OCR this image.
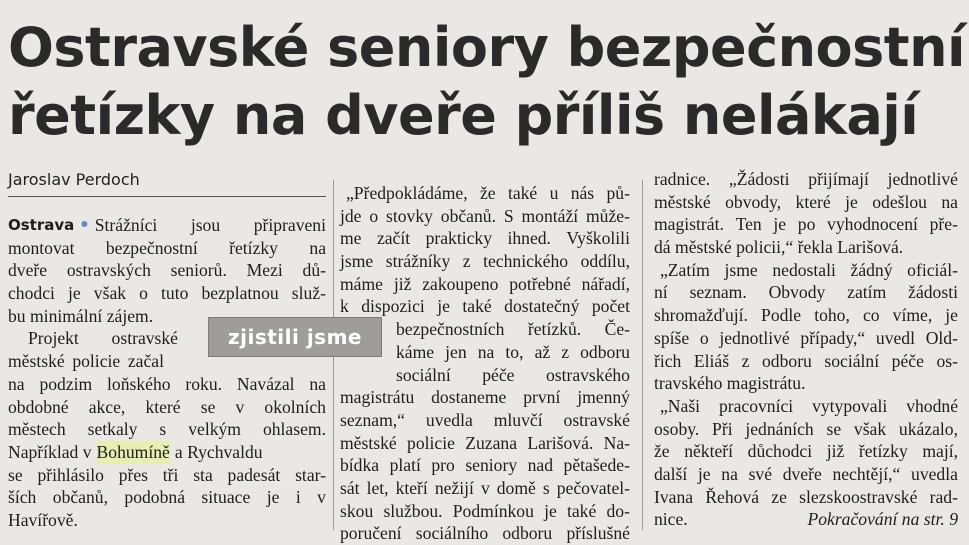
Ostravské seniory bezpečnostní
řetízky na dveře příliš nelákají
Jaroslav Perdoch
Ostrava ● Strážníci jsou připraveni
montovat bezpečnostní řetízky na
dveře ostravských seniorů. Mezi dů-
chodci je však o tuto bezplatnou služ-
bu minimální zájem.
Projekt ostravské
městské policie začal
na podzim loňského roku. Navázal na
obdobné akce, které se v okolních
městech setkaly s velkým ohlasem.
Například v Bohumíně a Rychvaldu
se přihlásilo přes tři sta padesát star-
ších občanů, podobná situace je i v
Havířově.
zjistili jsme
„Předpokládáme, že také u nás pů-
jde o stovky občanů. S montáží může-
me začít prakticky ihned. Vyškolili
jsme strážníky z technického oddílu,
máme již zakoupeno potřebné nářadí,
k dispozici je také dostatečný počet
bezpečnostních řetízků. Če-
káme jen na to, až z odboru
sociální péče ostravského
magistrátu dostaneme první jmenný
seznam,“ uvedla mluvčí ostravské
městské policie Zuzana Larišová. Na-
bídka platí pro seniory nad pětašede-
sát let, kteří nežijí v domě s pečovatel-
skou službou. Podmínkou je také do-
poručení sociálního odboru příslušné
radnice. „Žádosti přijímají jednotlivé
městské obvody, které je odešlou na
magistrát. Ten je po vyhodnocení pře-
dá městské policii,“ řekla Larišová.
„Zatím jsme nedostali žádný oficiál-
ní seznam. Obvody zatím žádosti
shromažďují. Podle toho, co víme, je
spíše o jednotlivé případy,“ uvedl Old-
řich Eliáš z odboru sociální péče os-
travského magistrátu.
„Naši pracovníci vytypovali vhodné
osoby. Při jednáních se však ukázalo,
že někteří důchodci již řetízky mají,
další je na své dveře nechtějí,“ uvedla
Ivana Řehová ze slezskoostravské rad-
nice.	Pokračování na str. 9
